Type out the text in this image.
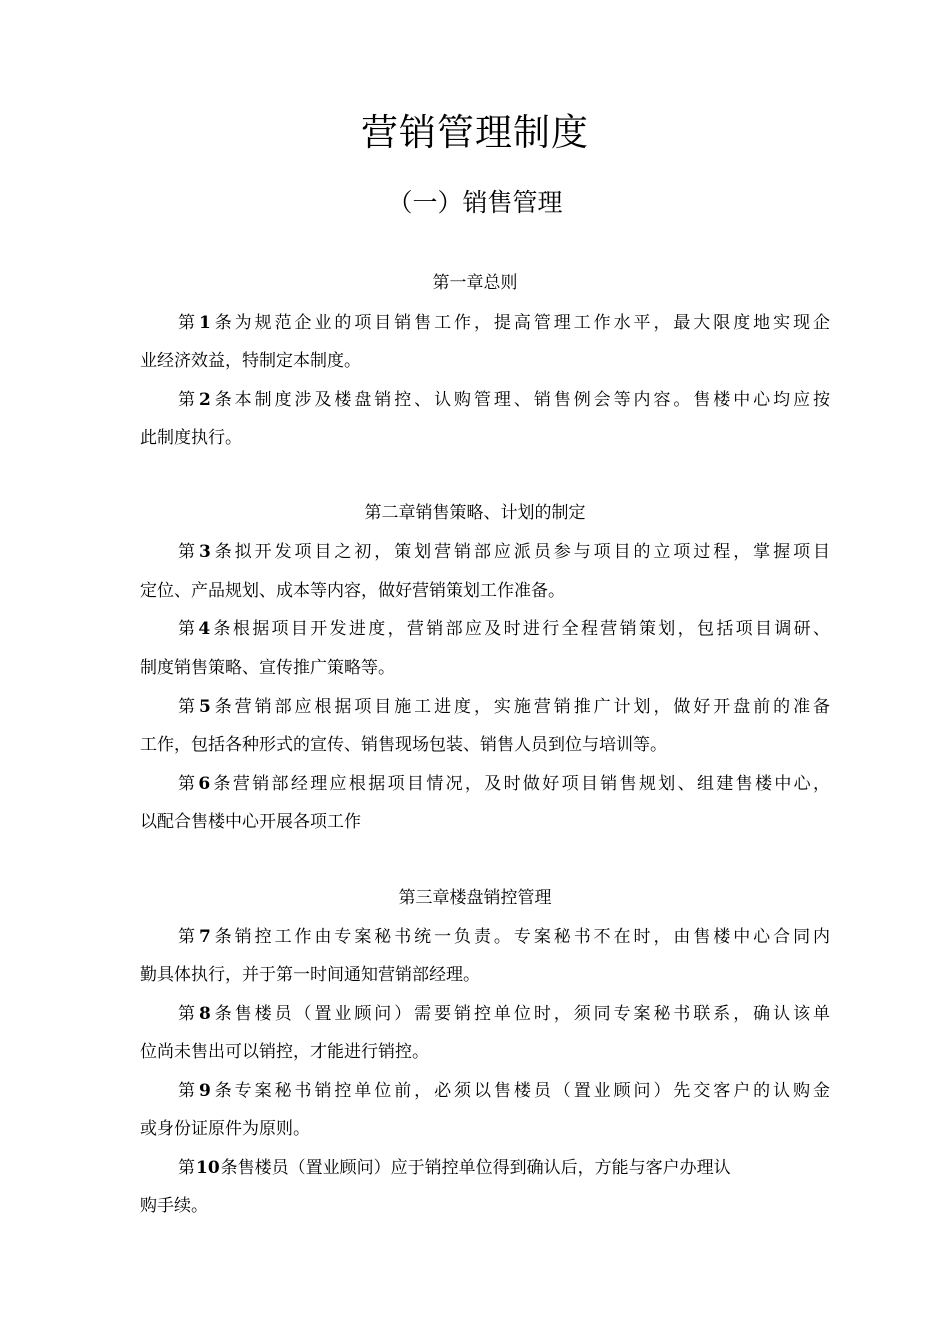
营销管理制度
（一）销售管理
第一章总则
第1条为规范企业的项目销售工作，提高管理工作水平，最大限度地实现企
业经济效益，特制定本制度。
第2条本制度涉及楼盘销控、认购管理、销售例会等内容。售楼中心均应按
此制度执行。
第二章销售策略、计划的制定
第3条拟开发项目之初，策划营销部应派员参与项目的立项过程，掌握项目
定位、产品规划、成本等内容，做好营销策划工作准备。
第4条根据项目开发进度，营销部应及时进行全程营销策划，包括项目调研、
制度销售策略、宣传推广策略等。
第5条营销部应根据项目施工进度，实施营销推广计划，做好开盘前的准备
工作，包括各种形式的宣传、销售现场包装、销售人员到位与培训等。
第6条营销部经理应根据项目情况，及时做好项目销售规划、组建售楼中心，
以配合售楼中心开展各项工作
第三章楼盘销控管理
第7条销控工作由专案秘书统一负责。专案秘书不在时，由售楼中心合同内
勤具体执行，并于第一时间通知营销部经理。
第8条售楼员（置业顾问）需要销控单位时，须同专案秘书联系，确认该单
位尚未售出可以销控，才能进行销控。
第9条专案秘书销控单位前，必须以售楼员（置业顾问）先交客户的认购金
或身份证原件为原则。
第10条售楼员（置业顾问）应于销控单位得到确认后，方能与客户办理认
购手续。
